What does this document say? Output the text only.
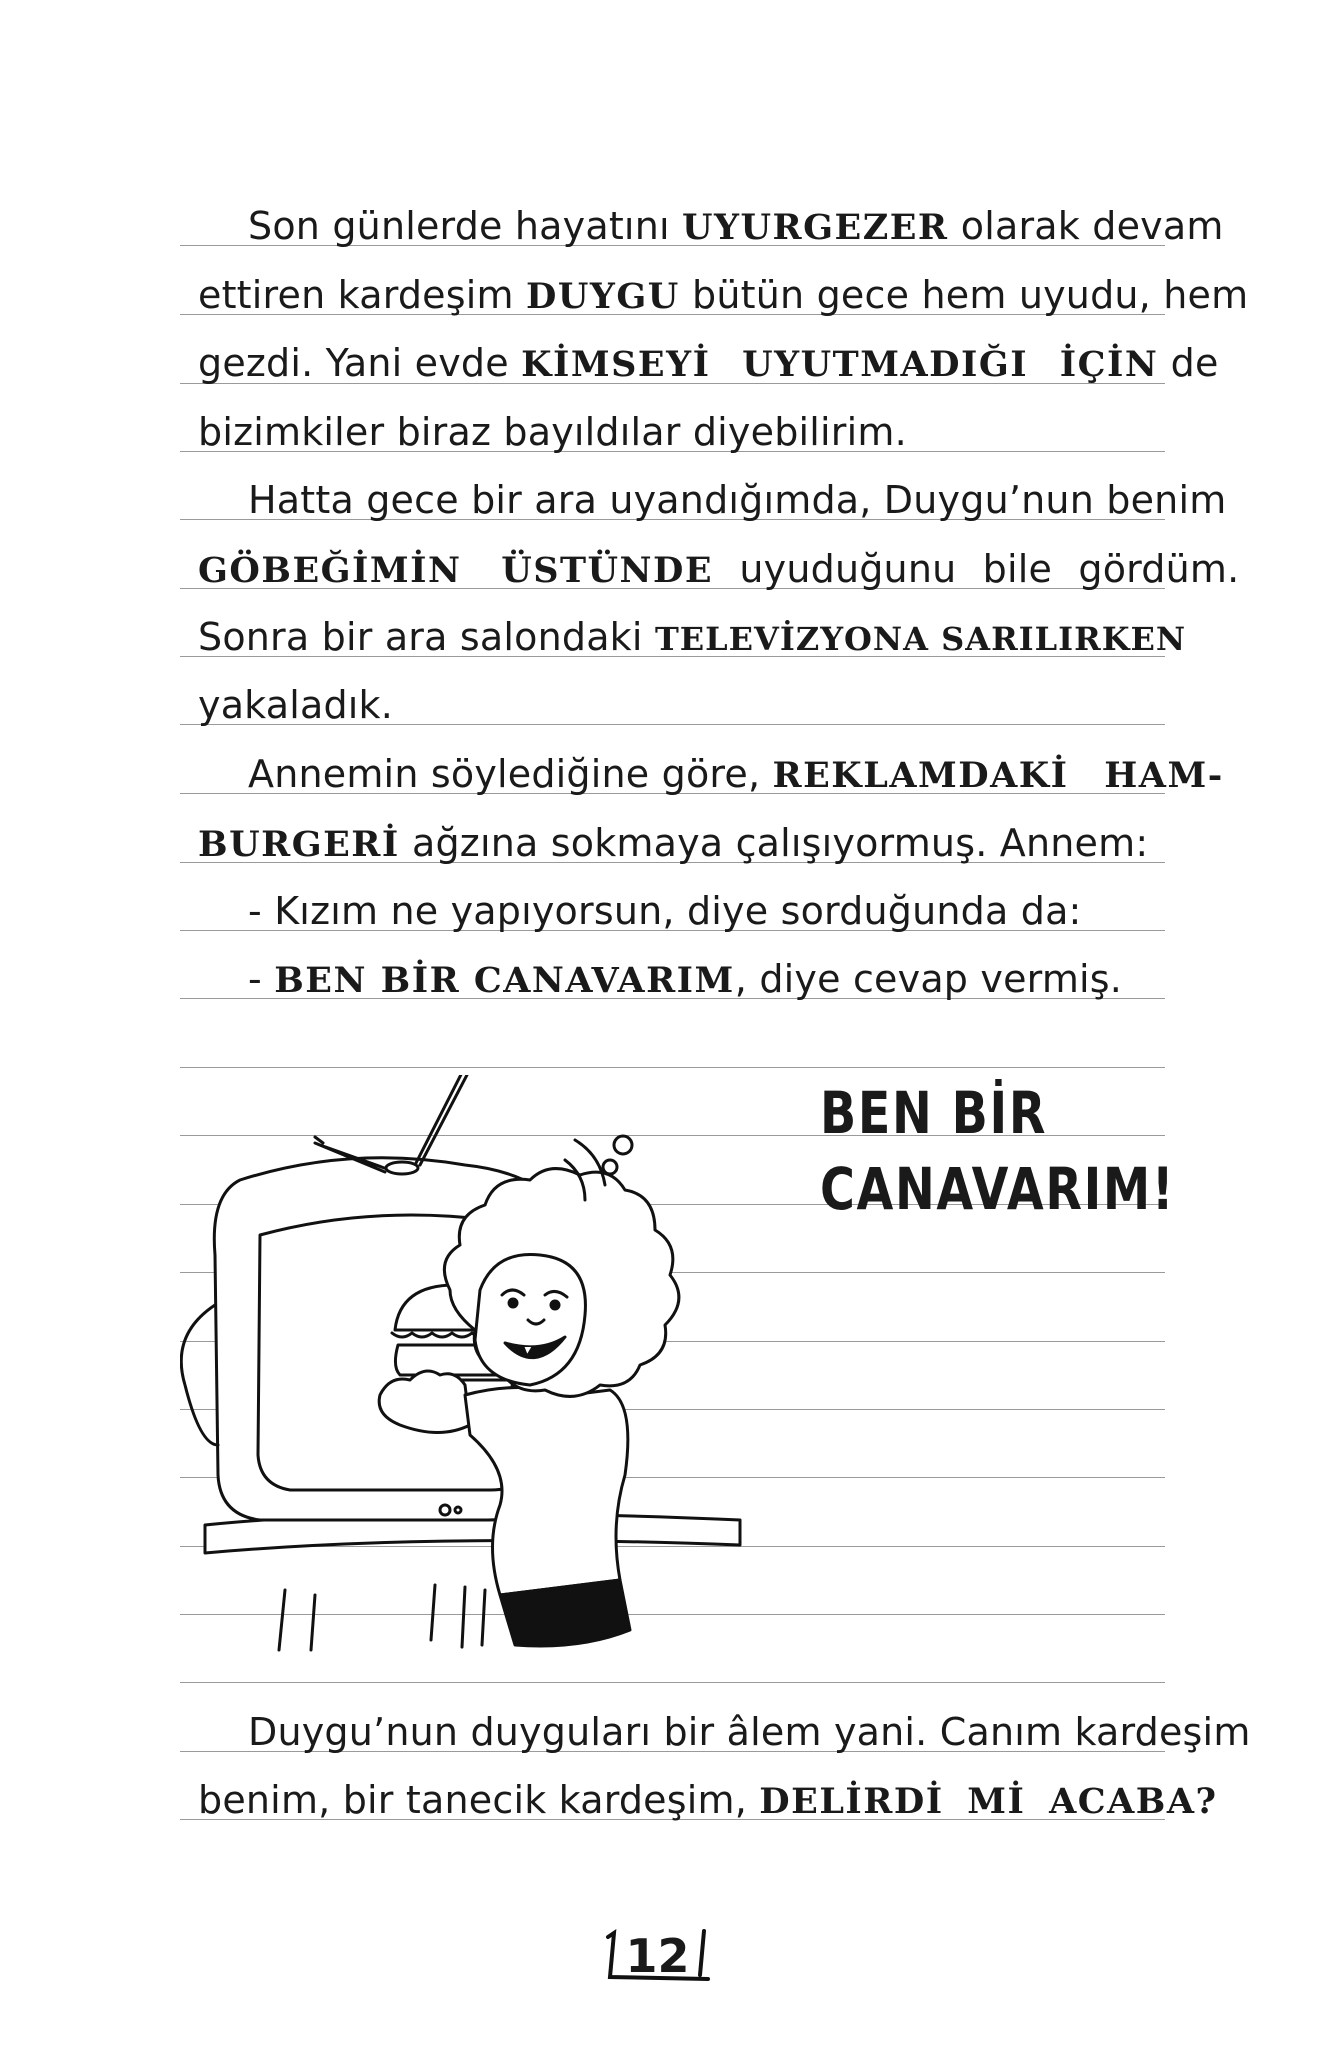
Son günlerde hayatını UYURGEZER olarak devam
ettiren kardeşim DUYGU bütün gece hem uyudu, hem
gezdi. Yani evde KİMSEYİ UYUTMADIĞI İÇİN de
bizimkiler biraz bayıldılar diyebilirim.
Hatta gece bir ara uyandığımda, Duygu’nun benim
GÖBEĞİMİN ÜSTÜNDE uyuduğunu bile gördüm.
Sonra bir ara salondaki TELEVİZYONA SARILIRKEN
yakaladık.
Annemin söylediğine göre, REKLAMDAKİ HAM-
BURGERİ ağzına sokmaya çalışıyormuş. Annem:
- Kızım ne yapıyorsun, diye sorduğunda da:
- BEN BİR CANAVARIM, diye cevap vermiş.
Duygu’nun duyguları bir âlem yani. Canım kardeşim
benim, bir tanecik kardeşim, DELİRDİ Mİ ACABA?
BEN BİR
CANAVARIM!
12
